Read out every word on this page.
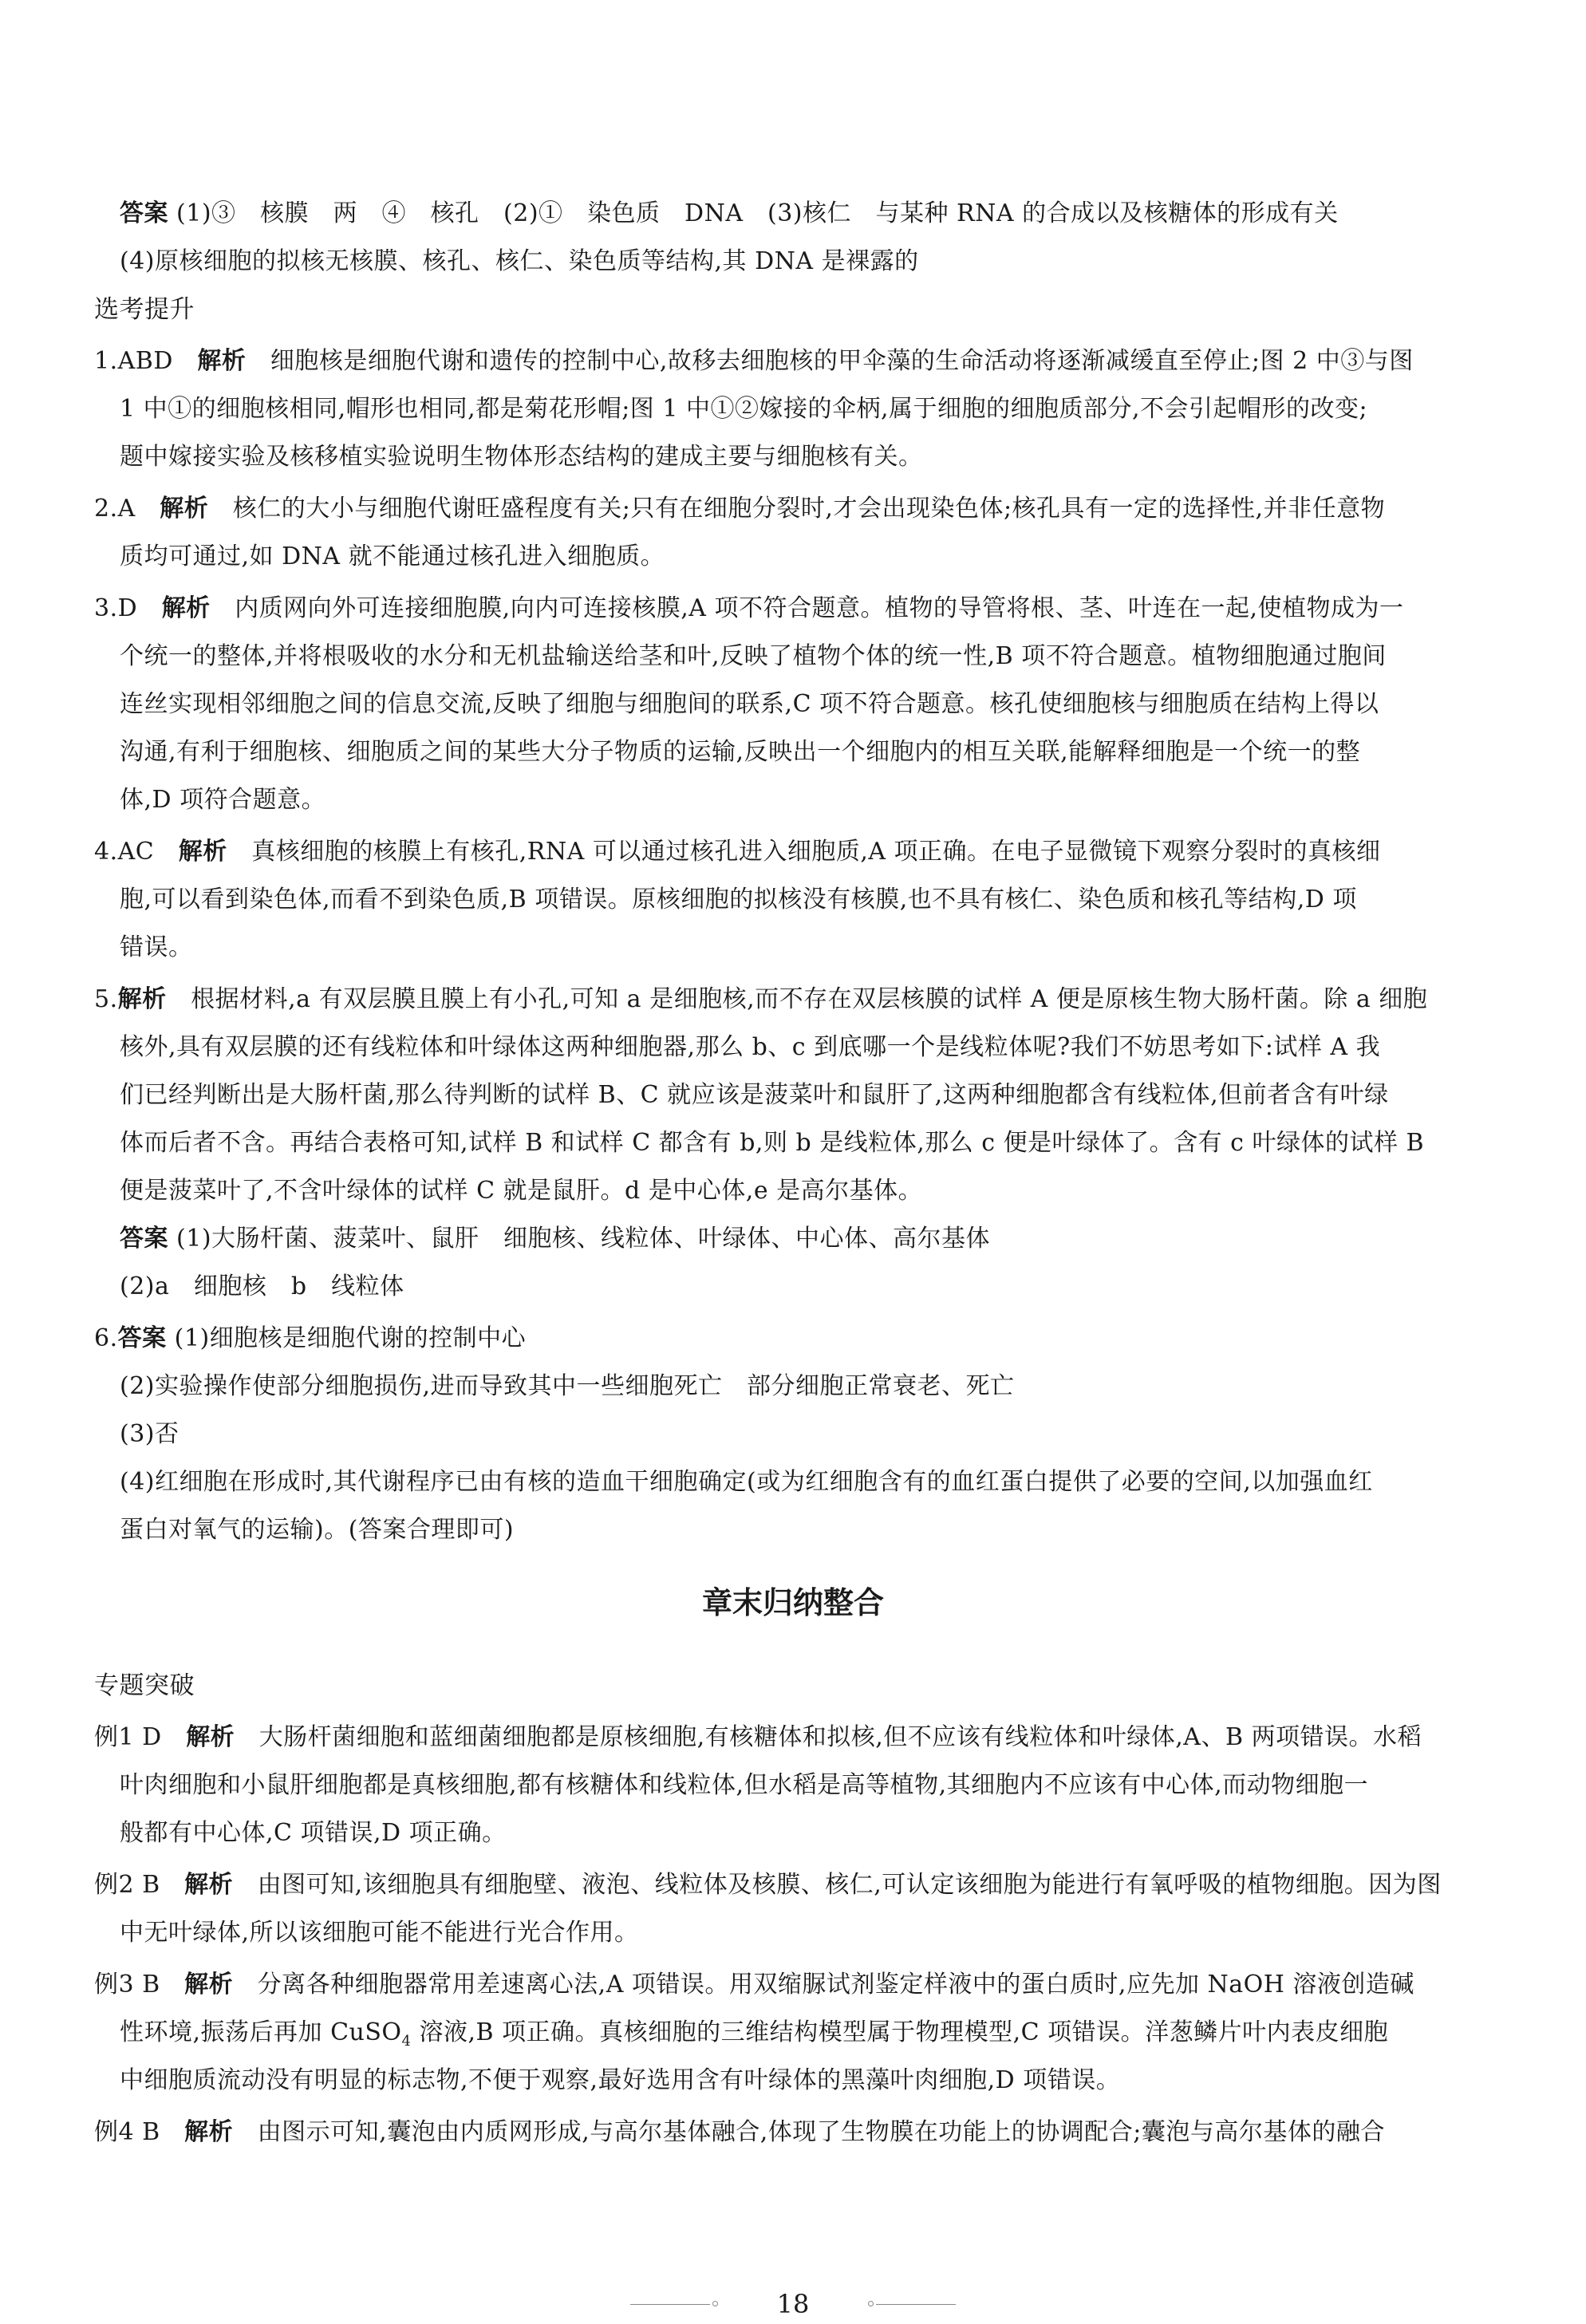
答案 (1)③　核膜　两　④　核孔　(2)①　染色质　DNA　(3)核仁　与某种 RNA 的合成以及核糖体的形成有关
(4)原核细胞的拟核无核膜、核孔、核仁、染色质等结构,其 DNA 是裸露的
选考提升
1.ABD　 解析　 细胞核是细胞代谢和遗传的控制中心,故移去细胞核的甲伞藻的生命活动将逐渐减缓直至停止;图 2 中③与图
1 中①的细胞核相同,帽形也相同,都是菊花形帽;图 1 中①②嫁接的伞柄,属于细胞的细胞质部分,不会引起帽形的改变;
题中嫁接实验及核移植实验说明生物体形态结构的建成主要与细胞核有关。
2.A　 解析　 核仁的大小与细胞代谢旺盛程度有关;只有在细胞分裂时,才会出现染色体;核孔具有一定的选择性,并非任意物
质均可通过,如 DNA 就不能通过核孔进入细胞质。
3.D　 解析　 内质网向外可连接细胞膜,向内可连接核膜,A 项不符合题意。植物的导管将根、茎、叶连在一起,使植物成为一
个统一的整体,并将根吸收的水分和无机盐输送给茎和叶,反映了植物个体的统一性,B 项不符合题意。植物细胞通过胞间
连丝实现相邻细胞之间的信息交流,反映了细胞与细胞间的联系,C 项不符合题意。核孔使细胞核与细胞质在结构上得以
沟通,有利于细胞核、细胞质之间的某些大分子物质的运输,反映出一个细胞内的相互关联,能解释细胞是一个统一的整
体,D 项符合题意。
4.AC　 解析　 真核细胞的核膜上有核孔,RNA 可以通过核孔进入细胞质,A 项正确。在电子显微镜下观察分裂时的真核细
胞,可以看到染色体,而看不到染色质,B 项错误。原核细胞的拟核没有核膜,也不具有核仁、染色质和核孔等结构,D 项
错误。
5.解析　 根据材料,a 有双层膜且膜上有小孔,可知 a 是细胞核,而不存在双层核膜的试样 A 便是原核生物大肠杆菌。除 a 细胞
核外,具有双层膜的还有线粒体和叶绿体这两种细胞器,那么 b、c 到底哪一个是线粒体呢?我们不妨思考如下:试样 A 我
们已经判断出是大肠杆菌,那么待判断的试样 B、C 就应该是菠菜叶和鼠肝了,这两种细胞都含有线粒体,但前者含有叶绿
体而后者不含。再结合表格可知,试样 B 和试样 C 都含有 b,则 b 是线粒体,那么 c 便是叶绿体了。含有 c 叶绿体的试样 B
便是菠菜叶了,不含叶绿体的试样 C 就是鼠肝。d 是中心体,e 是高尔基体。
答案 (1)大肠杆菌、菠菜叶、鼠肝　细胞核、线粒体、叶绿体、中心体、高尔基体
(2)a　细胞核　b　线粒体
6.答案 (1)细胞核是细胞代谢的控制中心
(2)实验操作使部分细胞损伤,进而导致其中一些细胞死亡　部分细胞正常衰老、死亡
(3)否
(4)红细胞在形成时,其代谢程序已由有核的造血干细胞确定(或为红细胞含有的血红蛋白提供了必要的空间,以加强血红
蛋白对氧气的运输)。(答案合理即可)
章末归纳整合
专题突破
例1 D　 解析　 大肠杆菌细胞和蓝细菌细胞都是原核细胞,有核糖体和拟核,但不应该有线粒体和叶绿体,A、B 两项错误。水稻
叶肉细胞和小鼠肝细胞都是真核细胞,都有核糖体和线粒体,但水稻是高等植物,其细胞内不应该有中心体,而动物细胞一
般都有中心体,C 项错误,D 项正确。
例2 B　 解析　 由图可知,该细胞具有细胞壁、液泡、线粒体及核膜、核仁,可认定该细胞为能进行有氧呼吸的植物细胞。因为图
中无叶绿体,所以该细胞可能不能进行光合作用。
例3 B　 解析　 分离各种细胞器常用差速离心法,A 项错误。用双缩脲试剂鉴定样液中的蛋白质时,应先加 NaOH 溶液创造碱
性环境,振荡后再加 CuSO$_4$ 溶液,B 项正确。真核细胞的三维结构模型属于物理模型,C 项错误。洋葱鳞片叶内表皮细胞
中细胞质流动没有明显的标志物,不便于观察,最好选用含有叶绿体的黑藻叶肉细胞,D 项错误。
例4 B　 解析　 由图示可知,囊泡由内质网形成,与高尔基体融合,体现了生物膜在功能上的协调配合;囊泡与高尔基体的融合
18
